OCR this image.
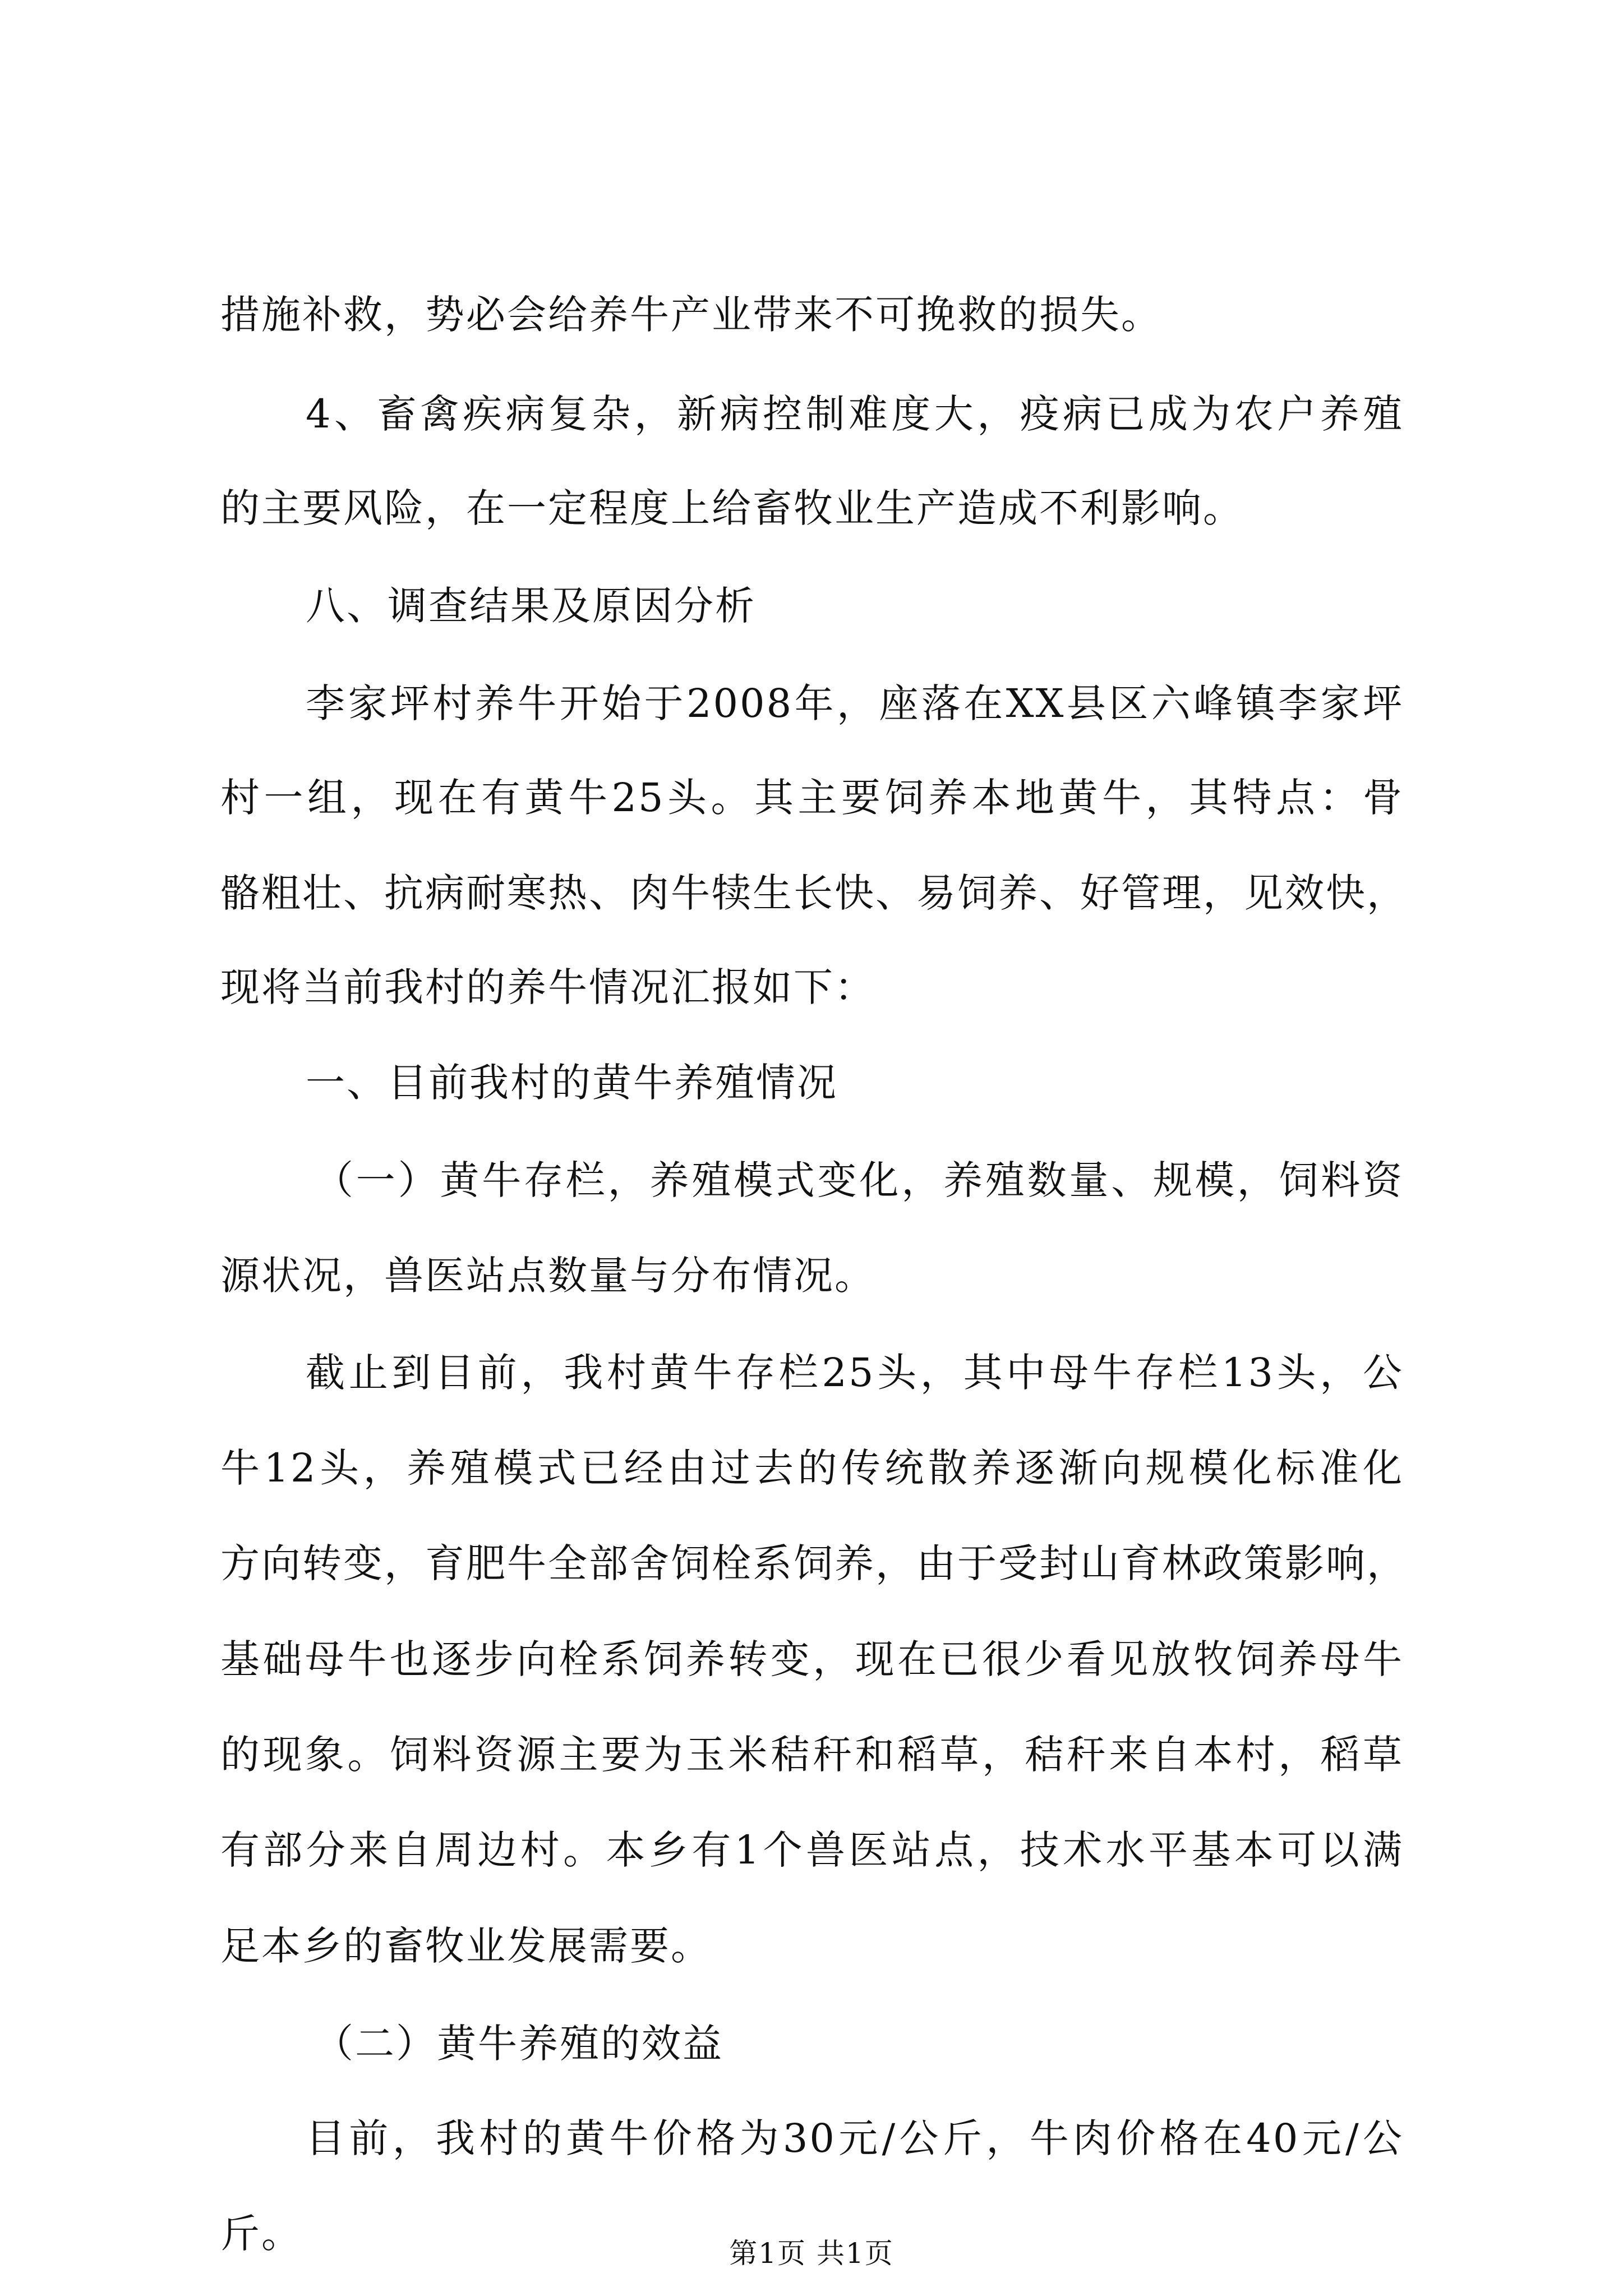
措施补救，势必会给养牛产业带来不可挽救的损失。
4、畜禽疾病复杂，新病控制难度大，疫病已成为农户养殖
的主要风险，在一定程度上给畜牧业生产造成不利影响。
八、调查结果及原因分析
李家坪村养牛开始于2008年，座落在XX县区六峰镇李家坪
村一组，现在有黄牛25头。其主要饲养本地黄牛，其特点：骨
骼粗壮、抗病耐寒热、肉牛犊生长快、易饲养、好管理，见效快，
现将当前我村的养牛情况汇报如下：
一、目前我村的黄牛养殖情况
（一）黄牛存栏，养殖模式变化，养殖数量、规模，饲料资
源状况，兽医站点数量与分布情况。
截止到目前，我村黄牛存栏25头，其中母牛存栏13头，公
牛12头，养殖模式已经由过去的传统散养逐渐向规模化标准化
方向转变，育肥牛全部舍饲栓系饲养，由于受封山育林政策影响，
基础母牛也逐步向栓系饲养转变，现在已很少看见放牧饲养母牛
的现象。饲料资源主要为玉米秸秆和稻草，秸秆来自本村，稻草
有部分来自周边村。本乡有1个兽医站点，技术水平基本可以满
足本乡的畜牧业发展需要。
（二）黄牛养殖的效益
目前，我村的黄牛价格为30元/公斤，牛肉价格在40元/公
斤。	第1页 共1页
